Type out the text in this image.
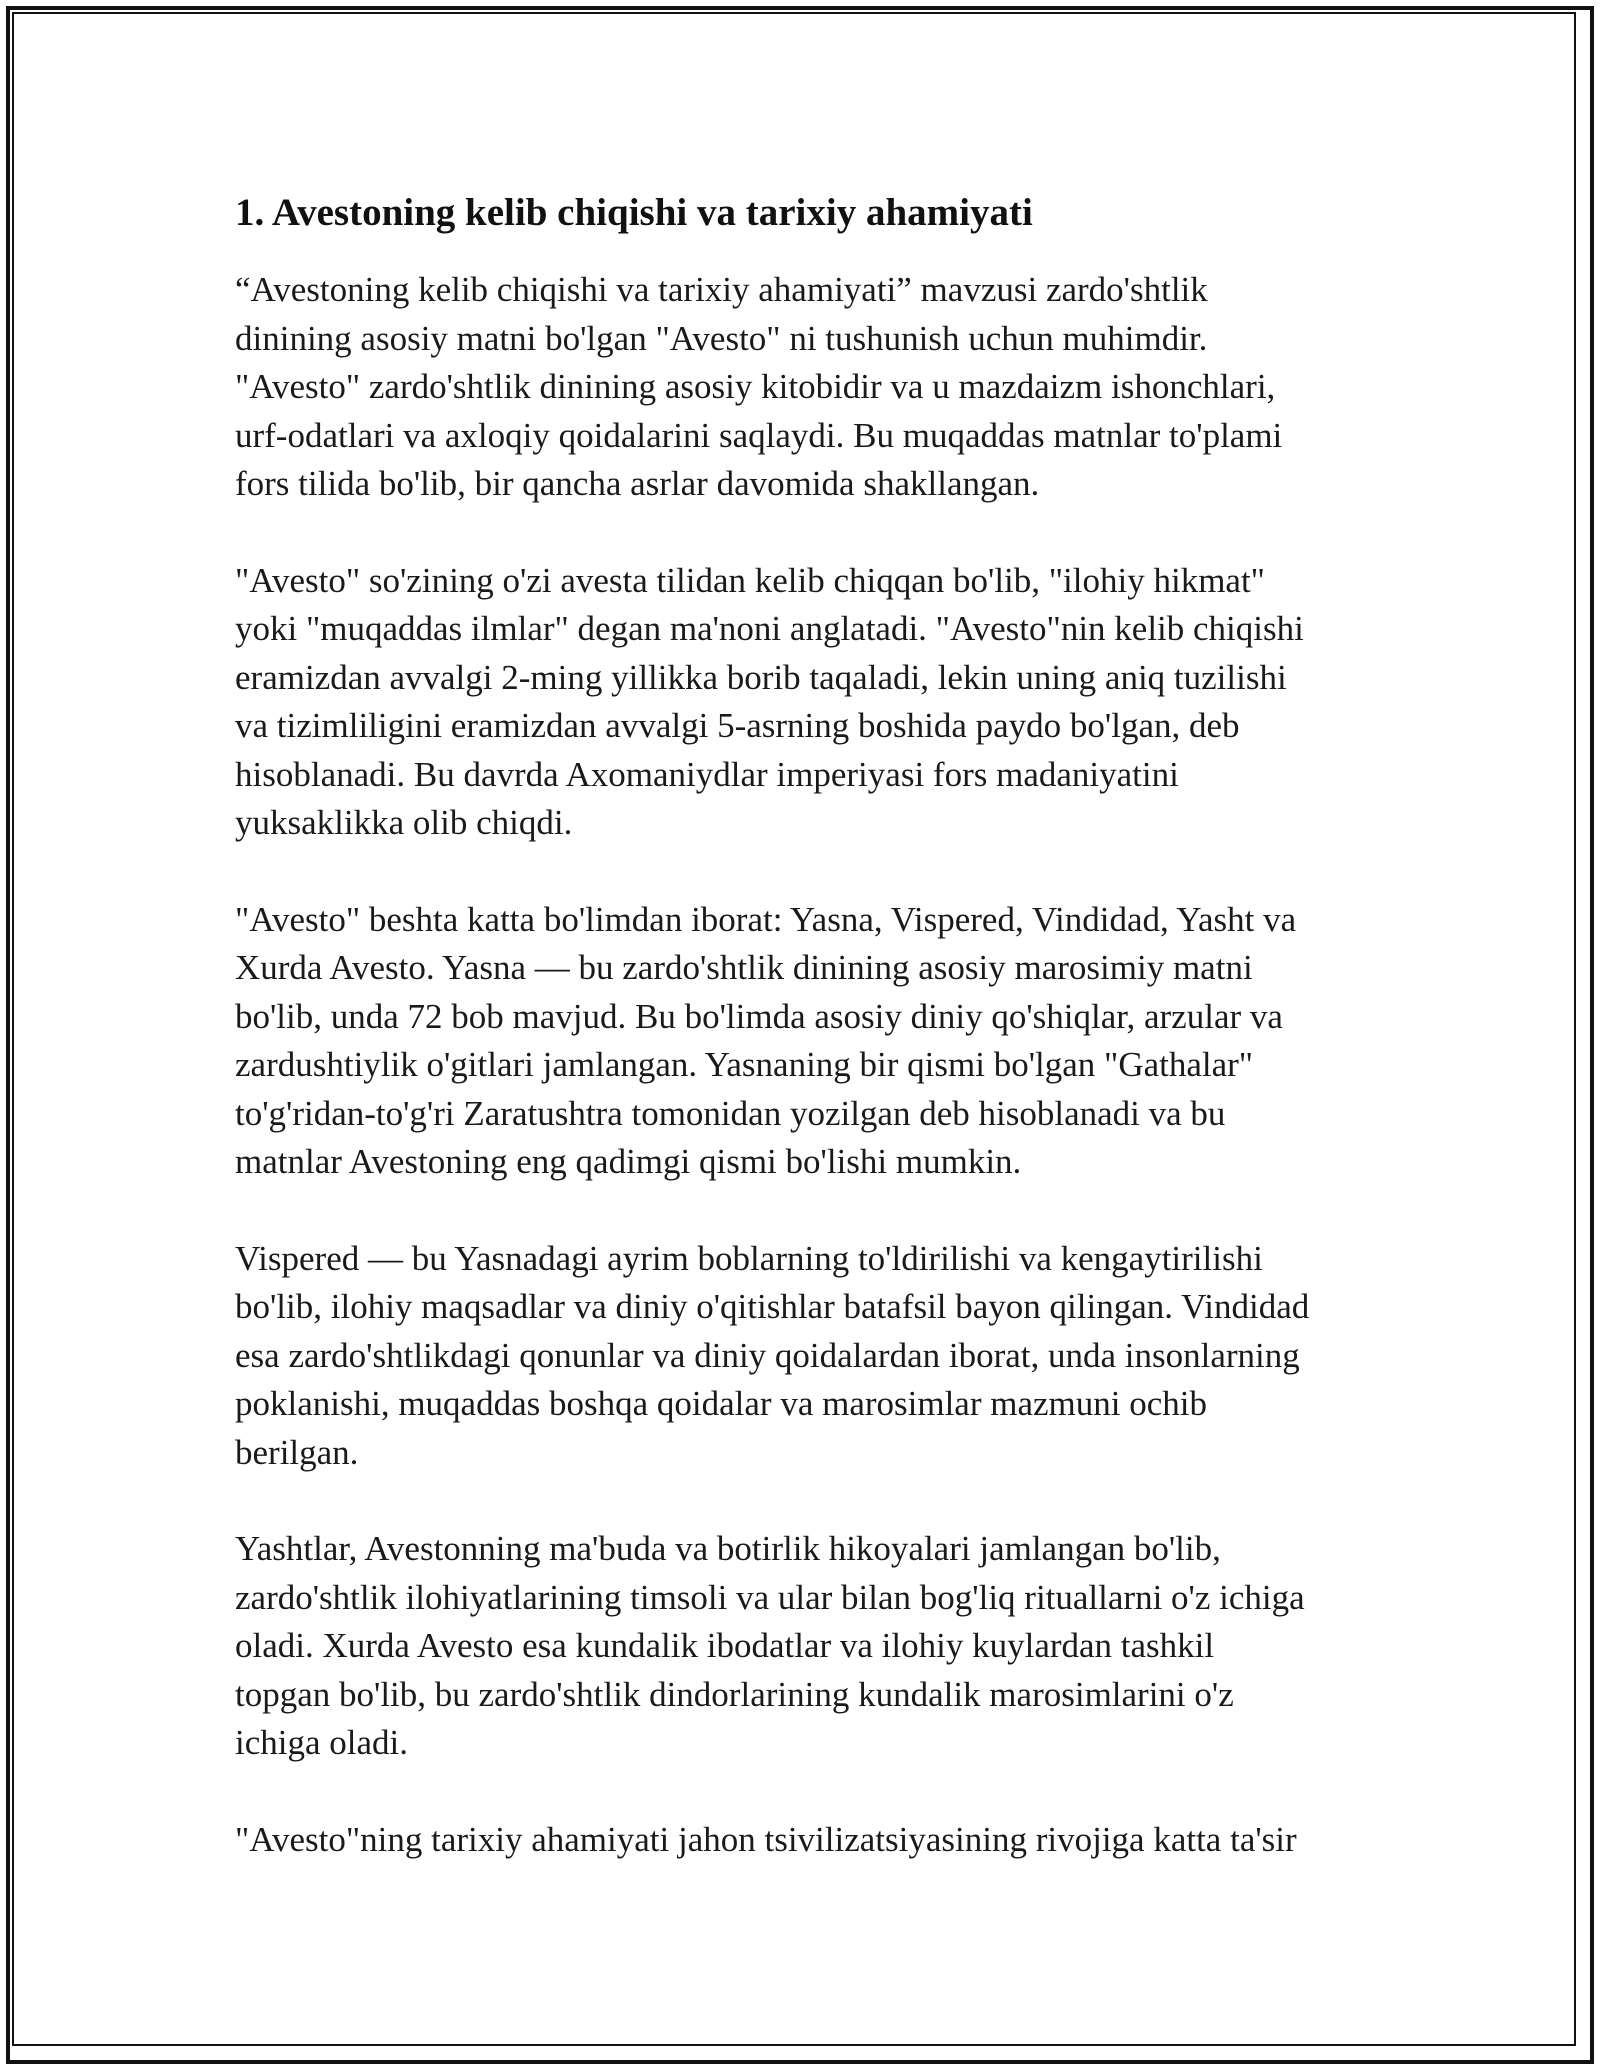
1. Avestoning kelib chiqishi va tarixiy ahamiyati
“Avestoning kelib chiqishi va tarixiy ahamiyati” mavzusi zardo'shtlik
dinining asosiy matni bo'lgan "Avesto" ni tushunish uchun muhimdir.
"Avesto" zardo'shtlik dinining asosiy kitobidir va u mazdaizm ishonchlari,
urf-odatlari va axloqiy qoidalarini saqlaydi. Bu muqaddas matnlar to'plami
fors tilida bo'lib, bir qancha asrlar davomida shakllangan.
"Avesto" so'zining o'zi avesta tilidan kelib chiqqan bo'lib, "ilohiy hikmat"
yoki "muqaddas ilmlar" degan ma'noni anglatadi. "Avesto"nin kelib chiqishi
eramizdan avvalgi 2-ming yillikka borib taqaladi, lekin uning aniq tuzilishi
va tizimliligini eramizdan avvalgi 5-asrning boshida paydo bo'lgan, deb
hisoblanadi. Bu davrda Axomaniydlar imperiyasi fors madaniyatini
yuksaklikka olib chiqdi.
"Avesto" beshta katta bo'limdan iborat: Yasna, Vispered, Vindidad, Yasht va
Xurda Avesto. Yasna — bu zardo'shtlik dinining asosiy marosimiy matni
bo'lib, unda 72 bob mavjud. Bu bo'limda asosiy diniy qo'shiqlar, arzular va
zardushtiylik o'gitlari jamlangan. Yasnaning bir qismi bo'lgan "Gathalar"
to'g'ridan-to'g'ri Zaratushtra tomonidan yozilgan deb hisoblanadi va bu
matnlar Avestoning eng qadimgi qismi bo'lishi mumkin.
Vispered — bu Yasnadagi ayrim boblarning to'ldirilishi va kengaytirilishi
bo'lib, ilohiy maqsadlar va diniy o'qitishlar batafsil bayon qilingan. Vindidad
esa zardo'shtlikdagi qonunlar va diniy qoidalardan iborat, unda insonlarning
poklanishi, muqaddas boshqa qoidalar va marosimlar mazmuni ochib
berilgan.
Yashtlar, Avestonning ma'buda va botirlik hikoyalari jamlangan bo'lib,
zardo'shtlik ilohiyatlarining timsoli va ular bilan bog'liq rituallarni o'z ichiga
oladi. Xurda Avesto esa kundalik ibodatlar va ilohiy kuylardan tashkil
topgan bo'lib, bu zardo'shtlik dindorlarining kundalik marosimlarini o'z
ichiga oladi.
"Avesto"ning tarixiy ahamiyati jahon tsivilizatsiyasining rivojiga katta ta'sir
